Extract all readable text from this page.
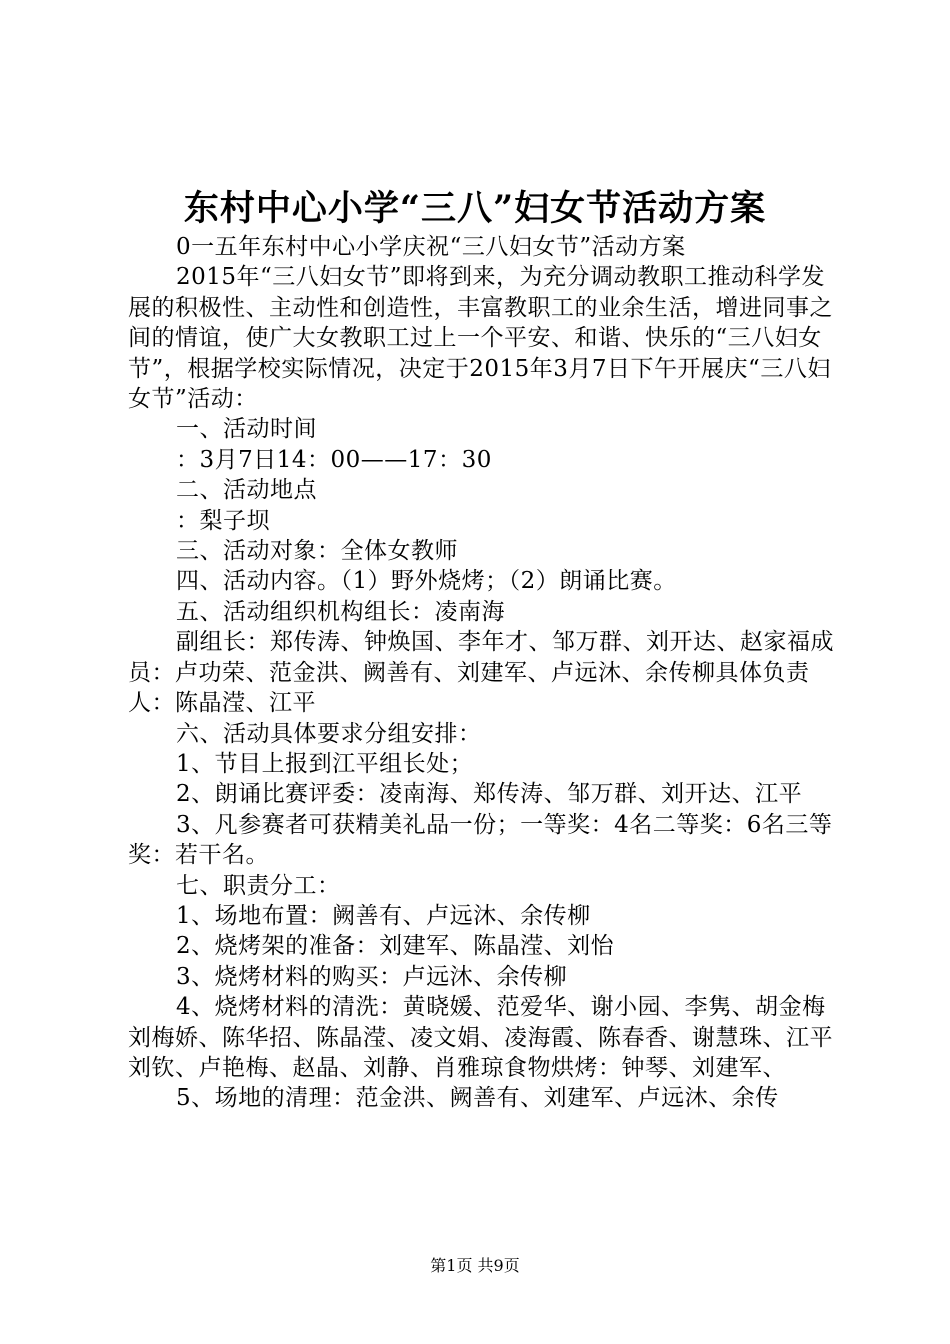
东村中心小学“三八”妇女节活动方案

0一五年东村中心小学庆祝“三八妇女节”活动方案

2015年“三八妇女节”即将到来，为充分调动教职工推动科学发展的积极性、主动性和创造性，丰富教职工的业余生活，增进同事之间的情谊，使广大女教职工过上一个平安、和谐、快乐的“三八妇女节”，根据学校实际情况，决定于2015年3月7日下午开展庆“三八妇女节”活动：

一、活动时间

：3月7日14：00——17：30

二、活动地点

：梨子坝

三、活动对象：全体女教师

四、活动内容。（1）野外烧烤；（2）朗诵比赛。

五、活动组织机构组长：凌南海

副组长：郑传涛、钟焕国、李年才、邹万群、刘开达、赵家福成员：卢功荣、范金洪、阙善有、刘建军、卢远沐、余传柳具体负责人：陈晶滢、江平

六、活动具体要求分组安排：

1、节目上报到江平组长处；

2、朗诵比赛评委：凌南海、郑传涛、邹万群、刘开达、江平

3、凡参赛者可获精美礼品一份；一等奖：4名二等奖：6名三等奖：若干名。

七、职责分工：

1、场地布置：阙善有、卢远沐、余传柳

2、烧烤架的准备：刘建军、陈晶滢、刘怡

3、烧烤材料的购买：卢远沐、余传柳

4、烧烤材料的清洗：黄晓媛、范爱华、谢小园、李隽、胡金梅刘梅娇、陈华招、陈晶滢、凌文娟、凌海霞、陈春香、谢慧珠、江平刘钦、卢艳梅、赵晶、刘静、肖雅琼食物烘烤：钟琴、刘建军、

5、场地的清理：范金洪、阙善有、刘建军、卢远沐、余传

第1页 共9页
